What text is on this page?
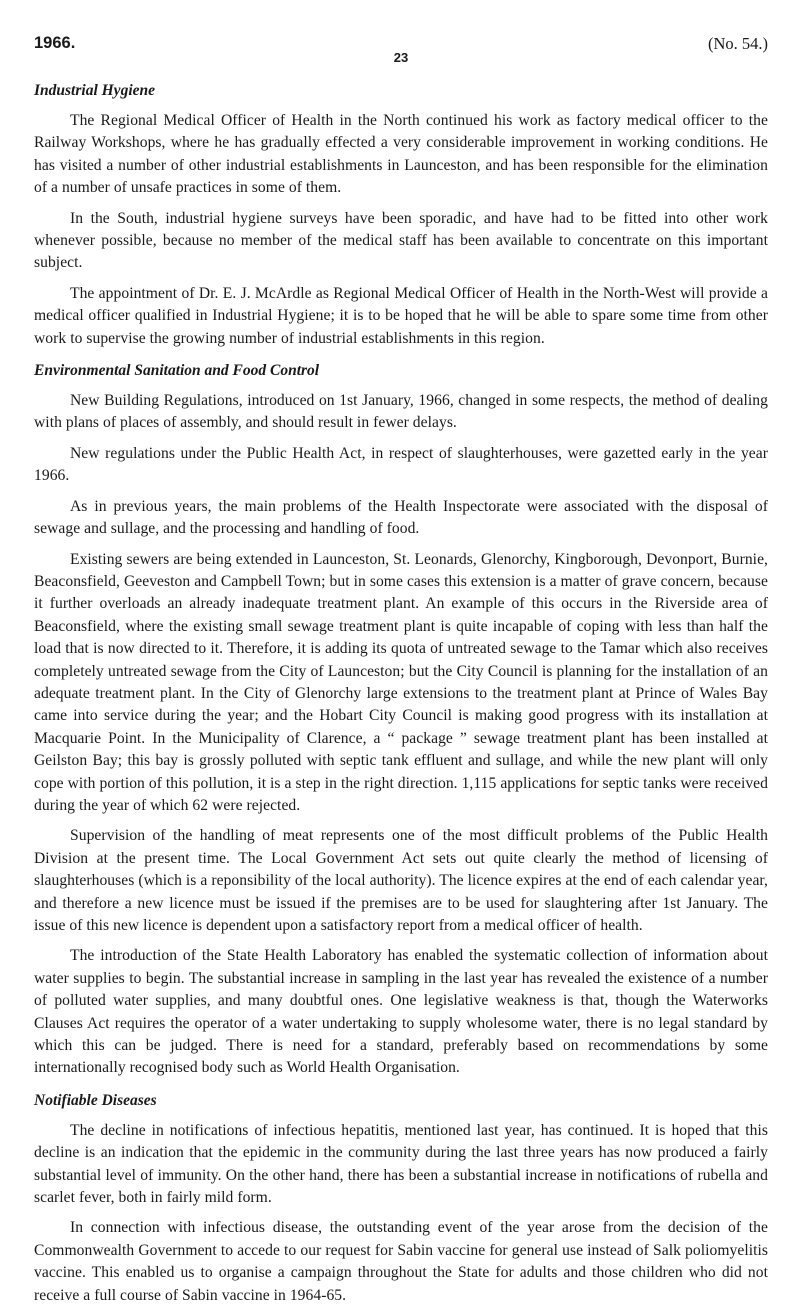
1966.
23
(No. 54.)
Industrial Hygiene

The Regional Medical Officer of Health in the North continued his work as factory medical officer to the Railway Workshops, where he has gradually effected a very considerable improvement in working conditions. He has visited a number of other industrial establishments in Launceston, and has been responsible for the elimination of a number of unsafe practices in some of them.

In the South, industrial hygiene surveys have been sporadic, and have had to be fitted into other work whenever possible, because no member of the medical staff has been available to concentrate on this important subject.

The appointment of Dr. E. J. McArdle as Regional Medical Officer of Health in the North-West will provide a medical officer qualified in Industrial Hygiene; it is to be hoped that he will be able to spare some time from other work to supervise the growing number of industrial establishments in this region.

Environmental Sanitation and Food Control

New Building Regulations, introduced on 1st January, 1966, changed in some respects, the method of dealing with plans of places of assembly, and should result in fewer delays.

New regulations under the Public Health Act, in respect of slaughterhouses, were gazetted early in the year 1966.

As in previous years, the main problems of the Health Inspectorate were associated with the disposal of sewage and sullage, and the processing and handling of food.

Existing sewers are being extended in Launceston, St. Leonards, Glenorchy, Kingborough, Devonport, Burnie, Beaconsfield, Geeveston and Campbell Town; but in some cases this extension is a matter of grave concern, because it further overloads an already inadequate treatment plant. An example of this occurs in the Riverside area of Beaconsfield, where the existing small sewage treatment plant is quite incapable of coping with less than half the load that is now directed to it. Therefore, it is adding its quota of untreated sewage to the Tamar which also receives completely untreated sewage from the City of Launceston; but the City Council is planning for the installation of an adequate treatment plant. In the City of Glenorchy large extensions to the treatment plant at Prince of Wales Bay came into service during the year; and the Hobart City Council is making good progress with its installation at Macquarie Point. In the Municipality of Clarence, a “ package ” sewage treatment plant has been installed at Geilston Bay; this bay is grossly polluted with septic tank effluent and sullage, and while the new plant will only cope with portion of this pollution, it is a step in the right direction. 1,115 applications for septic tanks were received during the year of which 62 were rejected.

Supervision of the handling of meat represents one of the most difficult problems of the Public Health Division at the present time. The Local Government Act sets out quite clearly the method of licensing of slaughterhouses (which is a reponsibility of the local authority). The licence expires at the end of each calendar year, and therefore a new licence must be issued if the premises are to be used for slaughtering after 1st January. The issue of this new licence is dependent upon a satisfactory report from a medical officer of health.

The introduction of the State Health Laboratory has enabled the systematic collection of information about water supplies to begin. The substantial increase in sampling in the last year has revealed the existence of a number of polluted water supplies, and many doubtful ones. One legislative weakness is that, though the Waterworks Clauses Act requires the operator of a water undertaking to supply wholesome water, there is no legal standard by which this can be judged. There is need for a standard, preferably based on recommendations by some internationally recognised body such as World Health Organisation.

Notifiable Diseases

The decline in notifications of infectious hepatitis, mentioned last year, has continued. It is hoped that this decline is an indication that the epidemic in the community during the last three years has now produced a fairly substantial level of immunity. On the other hand, there has been a substantial increase in notifications of rubella and scarlet fever, both in fairly mild form.

In connection with infectious disease, the outstanding event of the year arose from the decision of the Commonwealth Government to accede to our request for Sabin vaccine for general use instead of Salk poliomyelitis vaccine. This enabled us to organise a campaign throughout the State for adults and those children who did not receive a full course of Sabin vaccine in 1964-65.
